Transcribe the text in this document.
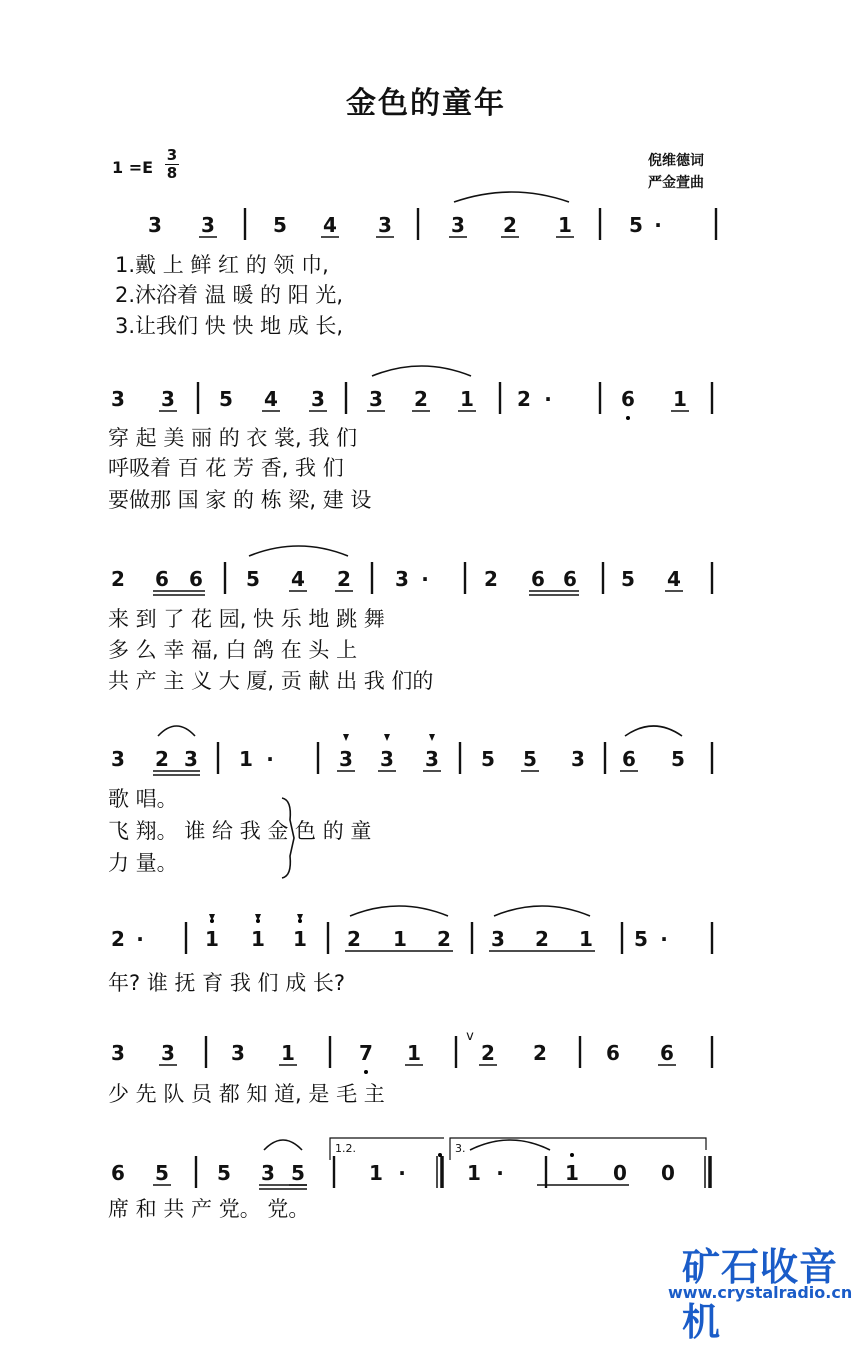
金色的童年
$1 =E \frac{3}{8}$	倪维德词
严金萱曲
3 3	5 4 3	3 2 1	5 ·
1.戴 上 鲜 红 的 领 巾,
2.沐浴着 温 暖 的 阳 光,
3.让我们 快 快 地 成 长,
3 3 5 4 3 3 2 1 2 ·	6 1
穿 起 美 丽 的 衣 裳, 我 们
呼吸着 百 花 芳 香, 我 们
要做那 国 家 的 栋 梁, 建 设
2 6 6 5 4 2 3 ·	2 6 6 5 4
来 到 了 花 园, 快 乐 地 跳 舞
多 么 幸 福, 白 鸽 在 头 上
共 产 主 义 大 厦, 贡 献 出 我 们的
3 2 3 1 ·	3 3 3 5 5 3 6 5
歌 唱。
飞 翔。 谁 给 我 金 色 的 童
力 量。
2 ·	1 1 1 2 1 2 3 2 1 5 ·
年? 谁 抚 育 我 们 成 长?
3 3	3 1	7 1	2 2	6 6
v
少 先 队 员 都 知 道, 是 毛 主
6 5 5 3 5	1 ·	1 ·	1 0 0
1.2.	3.
席 和 共 产 党。 党。
矿石收音机
www.crystalradio.cn
